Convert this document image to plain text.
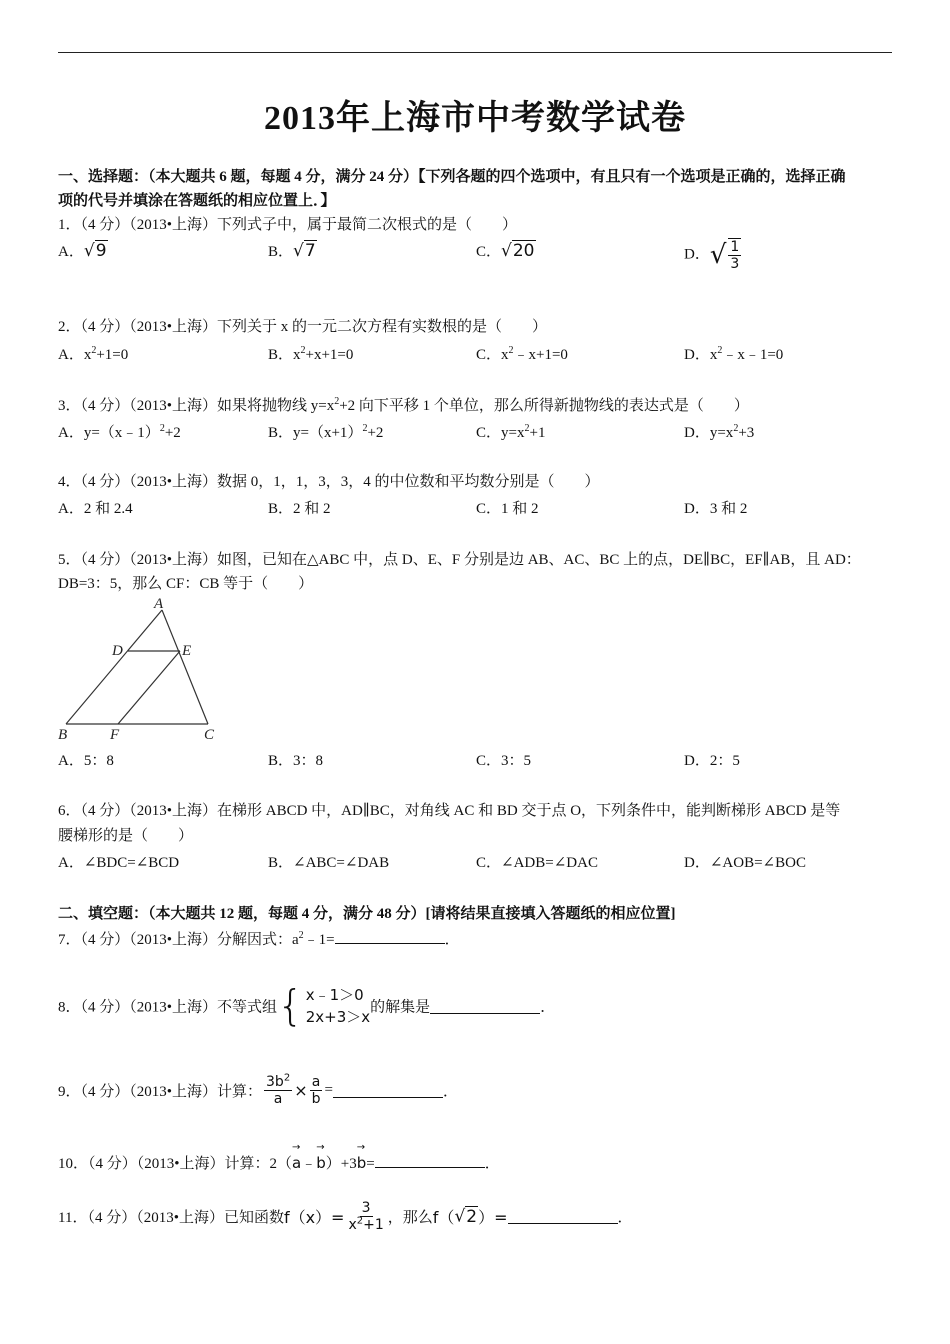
2013年上海市中考数学试卷
一、选择题：（本大题共 6 题，每题 4 分，满分 24 分）【下列各题的四个选项中，有且只有一个选项是正确的，选择正确
项的代号并填涂在答题纸的相应位置上．】
1．（4 分）（2013•上海）下列式子中，属于最简二次根式的是（　　）
A．√9	B．√7	C．√20	D．√ $\frac{1}{3}$
2．（4 分）（2013•上海）下列关于 x 的一元二次方程有实数根的是（　　）
A．$x^2+1=0$	B．$x^2+x+1=0$	C．$x^2﹣x+1=0$	D．$x^2﹣x﹣1=0$
3．（4 分）（2013•上海）如果将抛物线 $y=x^2+2$ 向下平移 1 个单位，那么所得新抛物线的表达式是（　　）
A．y=（x﹣1）$^2$+2	B．$y=(x+1)^2+2$	C．$y=x^2+1$	D．$y=x^2+3$
4．（4 分）（2013•上海）数据 0，1，1，3，3，4 的中位数和平均数分别是（　　）
A．2 和 2.4	B．2 和 2	C．1 和 2	D．3 和 2
5．（4 分）（2013•上海）如图，已知在△ABC 中，点 D、E、F 分别是边 AB、AC、BC 上的点，DE∥BC，EF∥AB，且 AD：
DB=3：5，那么 CF：CB 等于（　　）
A
D	E
B	F	C
A．5：8	B．3：8	C．3：5	D．2：5
6．（4 分）（2013•上海）在梯形 ABCD 中，AD∥BC，对角线 AC 和 BD 交于点 O，下列条件中，能判断梯形 ABCD 是等
腰梯形的是（　　）
A．∠BDC=∠BCD	B．∠ABC=∠DAB	C．∠ADB=∠DAC	D．∠AOB=∠BOC
二、填空题：（本大题共 12 题，每题 4 分，满分 48 分）[请将结果直接填入答题纸的相应位置]
7．（4 分）（2013•上海）分解因式：$a^2﹣1=$	．
8．（4 分）（2013•上海）不等式组 { x﹣1＞0
2x+3＞x
的解集是	．
9．（4 分）（2013•上海）计算： $\frac{3b^2}{a} \times \frac{a}{b}$ =	．
10．（4 分）（2013•上海）计算：2（→ a﹣→ b）+3→ b=	．
11．（4 分）（2013•上海）已知函数$f(x)= \frac{3}{x^2+1}$ ，那么f（√2）=	．
